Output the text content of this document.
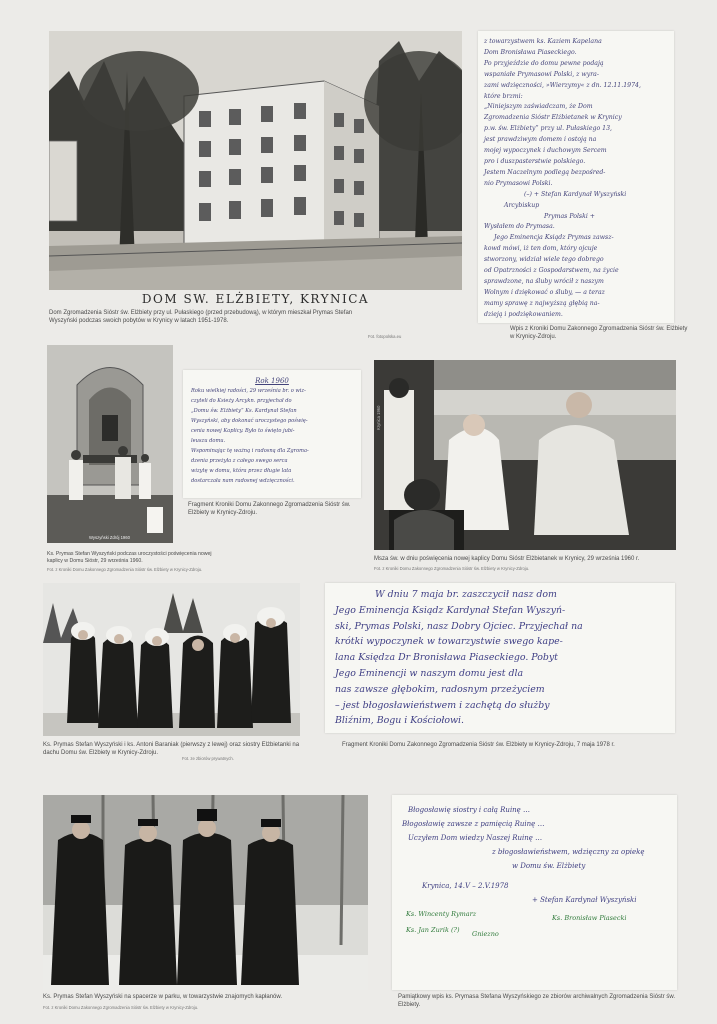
DOM SW. ELŻBIETY, KRYNICA
Dom Zgromadzenia Sióstr św. Elżbiety przy ul. Pułaskiego (przed przebudową), w którym mieszkał Prymas Stefan Wyszyński podczas swoich pobytów w Krynicy w latach 1951-1978.
Fot. fotopolska.eu
z towarzystwem ks. Kaziem Kapelana
Dom Bronisława Piaseckiego.
Po przyjeździe do domu pewne podają
wspaniałe Prymasowi Polski, z wyra-
zami wdzięczności, »Wierzymy« z dn. 12.11.1974,
które brzmi:
„Niniejszym zaświadczam, że Dom
Zgromadzenia Sióstr Elżbietanek w Krynicy
p.w. św. Elżbiety” przy ul. Pułaskiego 13,
jest prawdziwym domem i ostoją na
mojej wypoczynek i duchowym Sercem
pro i duszpasterstwie polskiego.
Jestem Naczelnym podlegą bezpośred-
nio Prymasowi Polski.
(–) + Stefan Kardynał Wyszyński
Arcybiskup
Prymas Polski +
Wysłałem do Prymasa.
Jego Eminencja Ksiądz Prymas zawsz-
kowd mówi, iż ten dom, który ojcuje
stworzony, widział wiele tego dobrego
od Opatrzności z Gospodarstwem, na życie
sprawdzone, na śluby wrócił z naszym
Wolnym i dziękować o śluby, — a teraz
mamy sprawę z najwyższą głębią na-
dzieją i podziękowaniem.
Wpis z Kroniki Domu Zakonnego Zgromadzenia Sióstr św. Elżbiety w Krynicy-Zdroju.
Wyszyński Zdrój 1960
Ks. Prymas Stefan Wyszyński podczas uroczystości poświęcenia nowej kaplicy w Domu Sióstr, 29 września 1960.
Fot. z Kroniki Domu Zakonnego Zgromadzenia Sióstr św. Elżbiety w Krynicy-Zdroju.
Rok 1960
Roku wielkiej radości, 29 września br. o wiz-
czyteli do Ksieży Arcykn. przyjechał do
„Domu św. Elżbiety” Ks. Kardynał Stefan
Wyszyński, aby dokonać uroczystego poświę-
cenia nowej Kaplicy. Było to święto jubi-
leuszu domu.
Wspominając tę ważną i radosną dla Zgroma-
dzenia przeżyła z całego swego serca
wizytę w domu, która przez długie lata
dostarczała nam radosnej wdzięczności.
Fragment Kroniki Domu Zakonnego Zgromadzenia Sióstr św. Elżbiety w Krynicy-Zdroju.
Krynica 1960
Msza św. w dniu poświęcenia nowej kaplicy Domu Sióstr Elżbietanek w Krynicy, 29 września 1960 r.
Fot. z Kroniki Domu Zakonnego Zgromadzenia Sióstr św. Elżbiety w Krynicy-Zdroju.
Ks. Prymas Stefan Wyszyński i ks. Antoni Baraniak (pierwszy z lewej) oraz siostry Elżbietanki na dachu Domu św. Elżbiety w Krynicy-Zdroju.
Fot. ze zbiorów prywatnych.
W dniu 7 maja br. zaszczycił nasz dom
Jego Eminencja Ksiądz Kardynał Stefan Wyszyń-
ski, Prymas Polski, nasz Dobry Ojciec. Przyjechał na
krótki wypoczynek w towarzystwie swego kape-
lana Księdza Dr Bronisława Piaseckiego. Pobyt
Jego Eminencji w naszym domu jest dla
nas zawsze głębokim, radosnym przeżyciem
– jest błogosławieństwem i zachętą do służby
Bliźnim, Bogu i Kościołowi.
Fragment Kroniki Domu Zakonnego Zgromadzenia Sióstr św. Elżbiety w Krynicy-Zdroju, 7 maja 1978 r.
Ks. Prymas Stefan Wyszyński na spacerze w parku, w towarzystwie znajomych kapłanów.
Fot. z Kroniki Domu Zakonnego Zgromadzenia Sióstr św. Elżbiety w Krynicy-Zdroju.
Błogosławię siostry i całą Ruinę …
Błogosławię zawsze z pamięcią Ruinę …
Uczyłem Dom wiedzy Naszej Ruinę …
z błogosławieństwem, wdzięczny za opiekę
w Domu św. Elżbiety
Krynica, 14.V – 2.V.1978
+ Stefan Kardynał Wyszyński
Ks. Wincenty Rymarz	Ks. Bronisław Piasecki
Ks. Jan Zurik (?) Gniezno
Pamiątkowy wpis ks. Prymasa Stefana Wyszyńskiego ze zbiorów archiwalnych Zgromadzenia Sióstr św. Elżbiety.
